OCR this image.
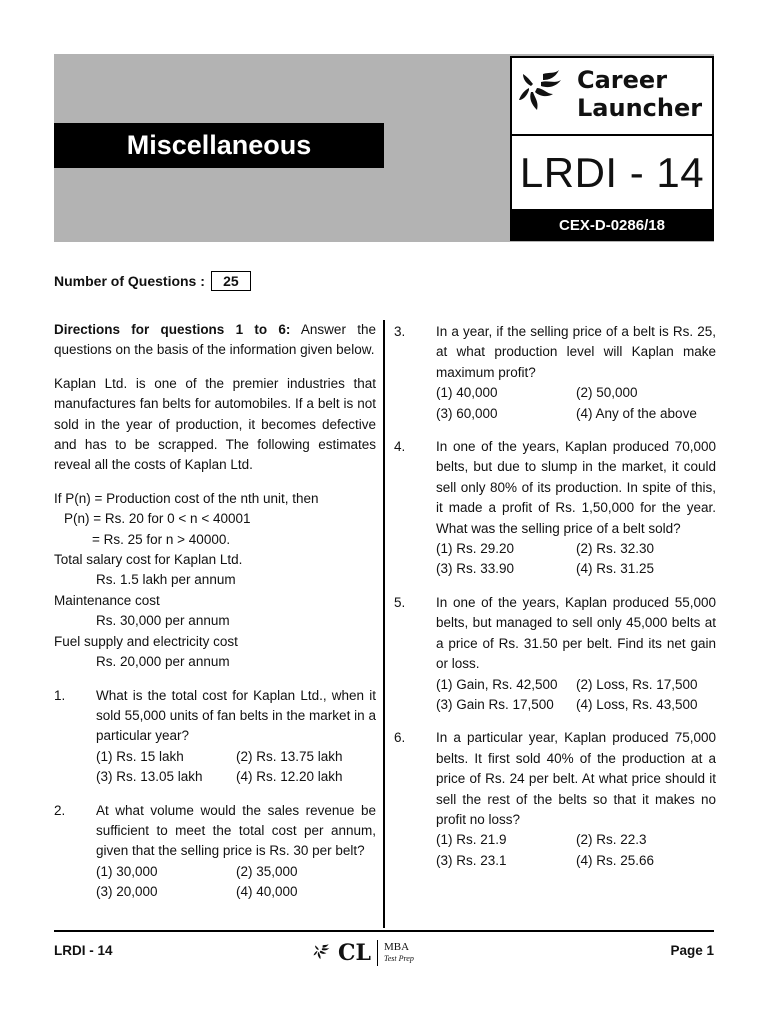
Miscellaneous
Career
Launcher
LRDI - 14
CEX-D-0286/18
Number of Questions :	25

Directions for questions 1 to 6: Answer the questions on the basis of the information given below.

Kaplan Ltd. is one of the premier industries that manufactures fan belts for automobiles. If a belt is not sold in the year of production, it becomes defective and has to be scrapped. The following estimates reveal all the costs of Kaplan Ltd.

If P(n) = Production cost of the nth unit, then

P(n) = Rs. 20 for 0 < n < 40001

= Rs. 25 for n > 40000.

Total salary cost for Kaplan Ltd.

Rs. 1.5 lakh per annum

Maintenance cost

Rs. 30,000 per annum

Fuel supply and electricity cost

Rs. 20,000 per annum

1.	What is the total cost for Kaplan Ltd., when it sold 55,000 units of fan belts in the market in a particular year?
(1) Rs. 15 lakh	(2) Rs. 13.75 lakh
(3) Rs. 13.05 lakh	(4) Rs. 12.20 lakh
2.	At what volume would the sales revenue be sufficient to meet the total cost per annum, given that the selling price is Rs. 30 per belt?
(1) 30,000	(2) 35,000
(3) 20,000	(4) 40,000
3.	In a year, if the selling price of a belt is Rs. 25, at what production level will Kaplan make maximum profit?
(1) 40,000	(2) 50,000
(3) 60,000	(4) Any of the above
4.	In one of the years, Kaplan produced 70,000 belts, but due to slump in the market, it could sell only 80% of its production. In spite of this, it made a profit of Rs. 1,50,000 for the year. What was the selling price of a belt sold?
(1) Rs. 29.20	(2) Rs. 32.30
(3) Rs. 33.90	(4) Rs. 31.25
5.	In one of the years, Kaplan produced 55,000 belts, but managed to sell only 45,000 belts at a price of Rs. 31.50 per belt. Find its net gain or loss.
(1) Gain, Rs. 42,500	(2) Loss, Rs. 17,500
(3) Gain Rs. 17,500	(4) Loss, Rs. 43,500
6.	In a particular year, Kaplan produced 75,000 belts. It first sold 40% of the production at a price of Rs. 24 per belt. At what price should it sell the rest of the belts so that it makes no profit no loss?
(1) Rs. 21.9	(2) Rs. 22.3
(3) Rs. 23.1	(4) Rs. 25.66
LRDI - 14	CL MBA
Test Prep
Page 1
